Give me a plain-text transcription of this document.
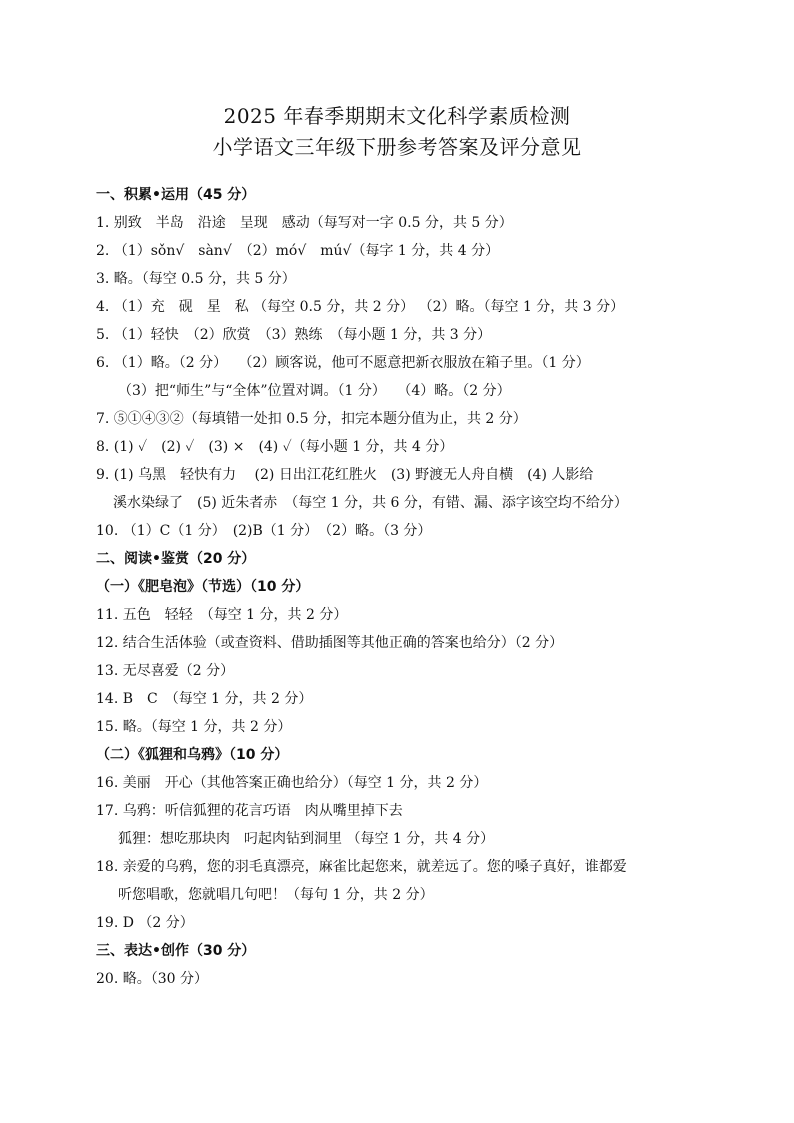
2025 年春季期期末文化科学素质检测
小学语文三年级下册参考答案及评分意见
一、积累•运用（45 分）
1. 别致　半岛　沿途　呈现　感动（每写对一字 0.5 分，共 5 分）
2. （1）sǒn√　sàn√　（2）mó√　mú√（每字 1 分，共 4 分）
3. 略。（每空 0.5 分，共 5 分）
4. （1）充　砚　星　私 （每空 0.5 分，共 2 分） （2）略。（每空 1 分，共 3 分）
5. （1）轻快　（2）欣赏　（3）熟练　（每小题 1 分，共 3 分）
6. （1）略。（2 分）　 （2）顾客说，他可不愿意把新衣服放在箱子里。（1 分）
（3）把“师生”与“全体”位置对调。（1 分）　 （4）略。（2 分）
7. ⑤①④③②（每填错一处扣 0.5 分，扣完本题分值为止，共 2 分）
8. (1) ✓　(2) ✓　(3) ×　(4) ✓（每小题 1 分，共 4 分）
9. (1) 乌黑　轻快有力　 (2) 日出江花红胜火　(3) 野渡无人舟自横　(4) 人影给
溪水染绿了　(5) 近朱者赤　（每空 1 分，共 6 分，有错、漏、添字该空均不给分）
10. （1）C（1 分）　(2)B（1 分）　（2）略。（3 分）
二、阅读•鉴赏（20 分）
（一）《肥皂泡》（节选）（10 分）
11. 五色　轻轻　（每空 1 分，共 2 分）
12. 结合生活体验（或查资料、借助插图等其他正确的答案也给分）（2 分）
13. 无尽喜爱（2 分）
14. B　C　（每空 1 分，共 2 分）
15. 略。（每空 1 分，共 2 分）
（二）《狐狸和乌鸦》（10 分）
16. 美丽　开心（其他答案正确也给分）（每空 1 分，共 2 分）
17. 乌鸦：听信狐狸的花言巧语　肉从嘴里掉下去
狐狸：想吃那块肉　叼起肉钻到洞里 （每空 1 分，共 4 分）
18. 亲爱的乌鸦，您的羽毛真漂亮，麻雀比起您来，就差远了。您的嗓子真好，谁都爱
听您唱歌，您就唱几句吧！（每句 1 分，共 2 分）
19. D （2 分）
三、表达•创作（30 分）
20. 略。（30 分）
